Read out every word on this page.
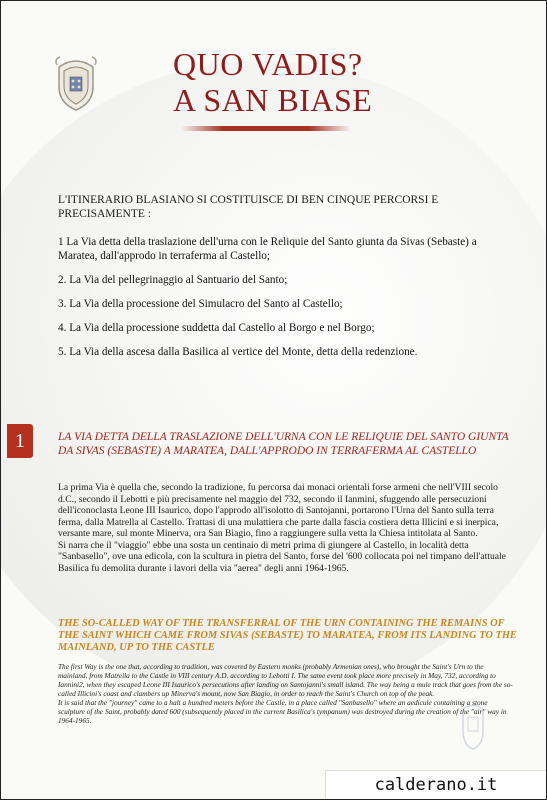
QUO VADIS?
A SAN BIASE
L'ITINERARIO BLASIANO SI COSTITUISCE DI BEN CINQUE PERCORSI E PRECISAMENTE :

1 La Via detta della traslazione dell'urna con le Reliquie del Santo giunta da Sivas (Sebaste) a Maratea, dall'approdo in terraferma al Castello;

2. La Via del pellegrinaggio al Santuario del Santo;

3. La Via della processione del Simulacro del Santo al Castello;

4. La Via della processione suddetta dal Castello al Borgo e nel Borgo;

5. La Via della ascesa dalla Basilica al vertice del Monte, detta della redenzione.

1	LA VIA DETTA DELLA TRASLAZIONE DELL'URNA CON LE RELIQUIE DEL SANTO GIUNTA DA SIVAS (SEBASTE) A MARATEA, DALL'APPRODO IN TERRAFERMA AL CASTELLO

La prima Via è quella che, secondo la tradizione, fu percorsa dai monaci orientali forse armeni che nell'VIII secolo d.C., secondo il Lebotti e più precisamente nel maggio del 732, secondo il Ianmini, sfuggendo alle persecuzioni dell'iconoclasta Leone III Isaurico, dopo l'approdo all'isolotto di Santojanni, portarono l'Urna del Santo sulla terra ferma, dalla Matrella al Castello. Trattasi di una mulattiera che parte dalla fascia costiera detta Illicini e si inerpica, versante mare, sul monte Minerva, ora San Biagio, fino a raggiungere sulla vetta la Chiesa intitolata al Santo.

Si narra che il "viaggio" ebbe una sosta un centinaio di metri prima di giungere al Castello, in località detta "Sanbasello", ove una edicola, con la scultura in pietra del Santo, forse del '600 collocata poi nel timpano dell'attuale Basilica fu demolita durante i lavori della via "aerea" degli anni 1964-1965.

THE SO-CALLED WAY OF THE TRANSFERRAL OF THE URN CONTAINING THE REMAINS OF THE SAINT WHICH CAME FROM SIVAS (SEBASTE) TO MARATEA, FROM ITS LANDING TO THE MAINLAND, UP TO THE CASTLE

The first Way is the one that, according to tradition, was covered by Eastern monks (probably Armenian ones), who brought the Saint's Urn to the mainland, from Matrella to the Castle in VIII century A.D. according to Lebotti I. The same event took place more precisely in May, 732, according to Iannini2, when they escaped Leone III Isaurico's persecutions after landing on Santojanni's small island. The way being a mule track that goes from the so-called Illicini's coast and clambers up Minerva's mount, now San Biagio, in order to reach the Saint's Church on top of the peak.

It is said that the "journey" came to a halt a hundred meters before the Castle, in a place called "Sanbasello" where an aedicule containing a stone sculpture of the Saint, probably dated 600 (subsequently placed in the current Basilica's tympanum) was destroyed during the creation of the "air" way in 1964-1965.

calderano.it
